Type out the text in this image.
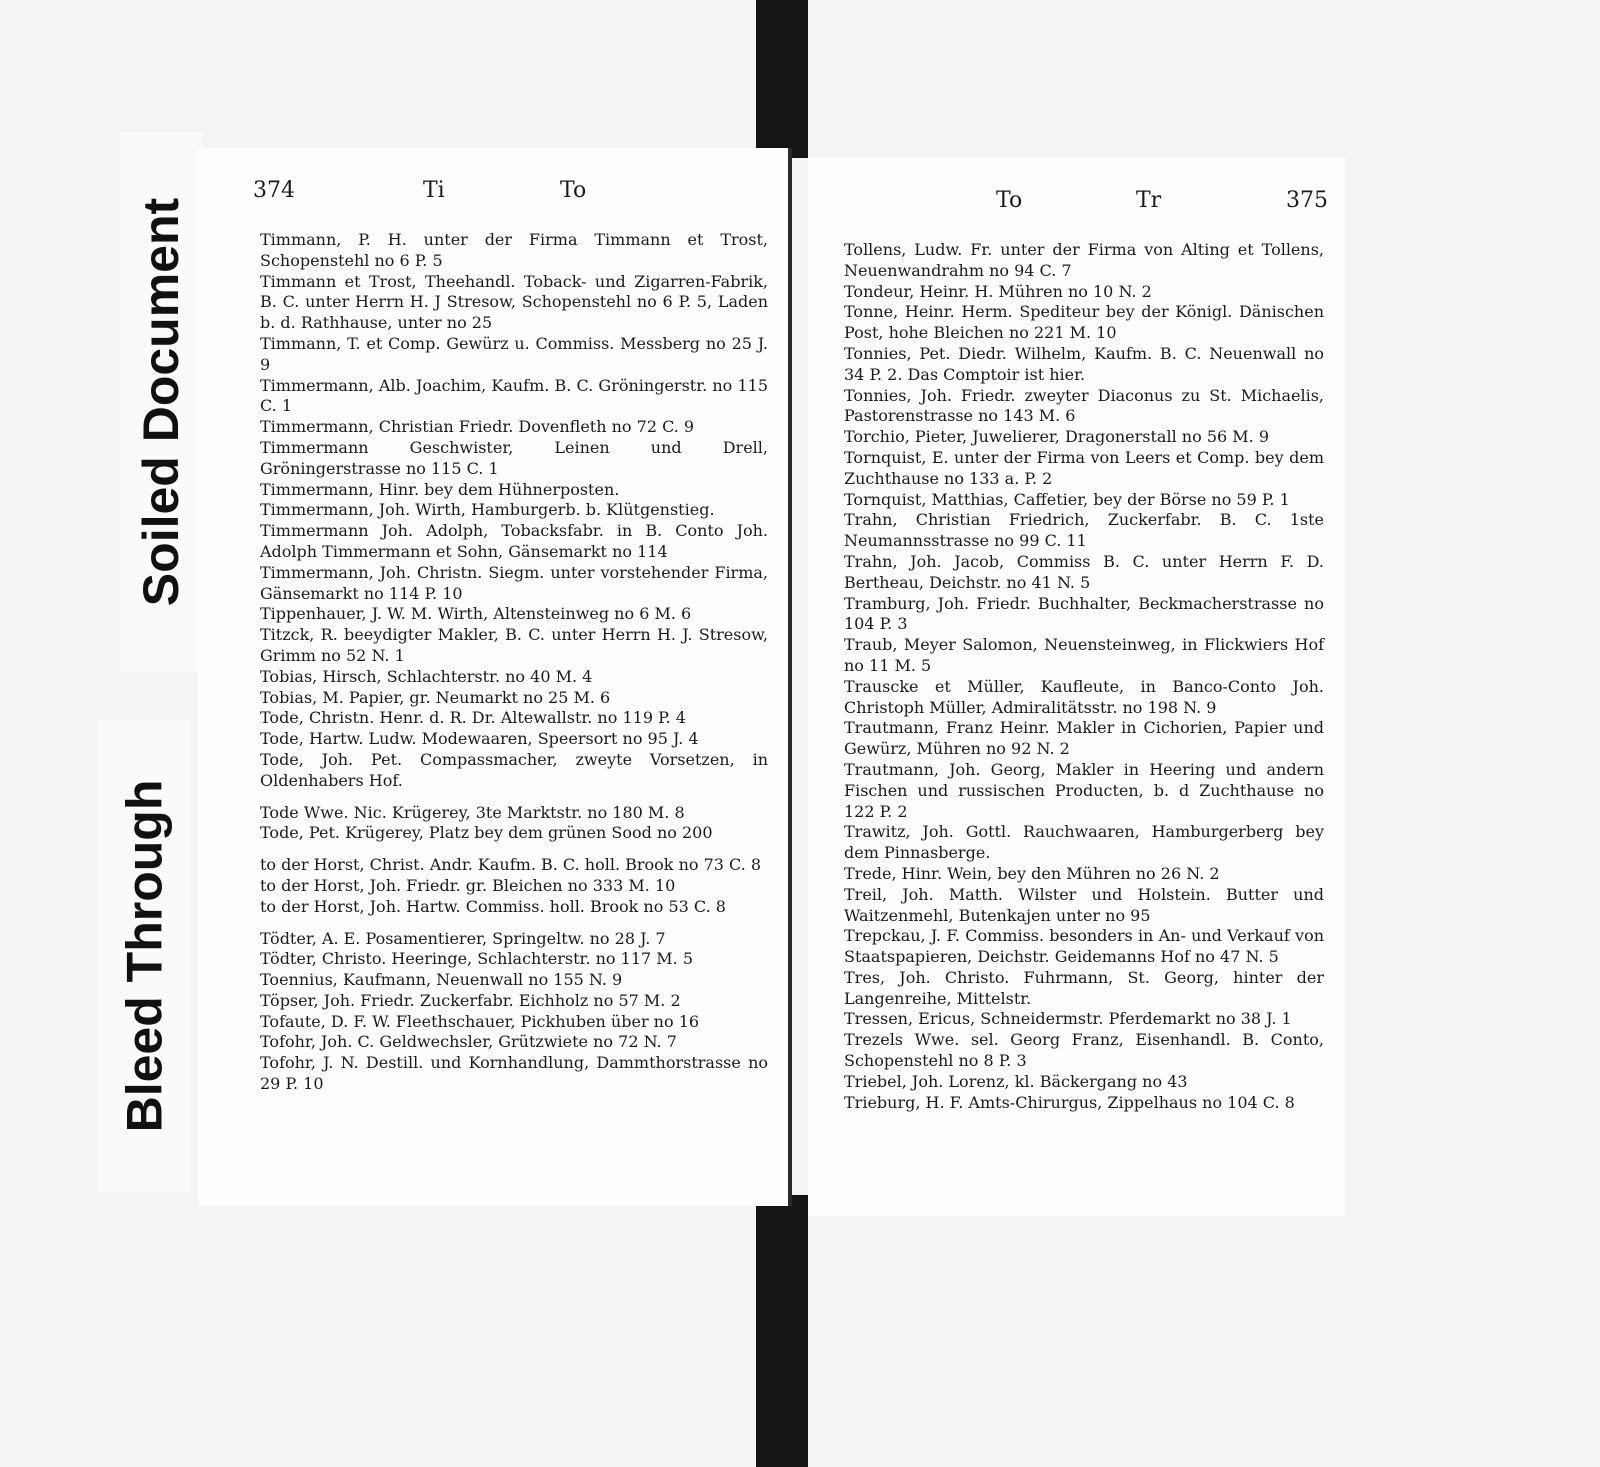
Soiled Document
Bleed Through
374	Ti	To

Timmann, P. H. unter der Firma Timmann et Trost, Schopenstehl no 6 P. 5

Timmann et Trost, Theehandl. Toback- und Zigarren-Fabrik, B. C. unter Herrn H. J Stresow, Schopenstehl no 6 P. 5, Laden b. d. Rathhause, unter no 25

Timmann, T. et Comp. Gewürz u. Commiss. Messberg no 25 J. 9

Timmermann, Alb. Joachim, Kaufm. B. C. Gröningerstr. no 115 C. 1

Timmermann, Christian Friedr. Dovenfleth no 72 C. 9

Timmermann Geschwister, Leinen und Drell, Gröningerstrasse no 115 C. 1

Timmermann, Hinr. bey dem Hühnerposten.

Timmermann, Joh. Wirth, Hamburgerb. b. Klütgenstieg.

Timmermann Joh. Adolph, Tobacksfabr. in B. Conto Joh. Adolph Timmermann et Sohn, Gänsemarkt no 114

Timmermann, Joh. Christn. Siegm. unter vorstehender Firma, Gänsemarkt no 114 P. 10

Tippenhauer, J. W. M. Wirth, Altensteinweg no 6 M. 6

Titzck, R. beeydigter Makler, B. C. unter Herrn H. J. Stresow, Grimm no 52 N. 1

Tobias, Hirsch, Schlachterstr. no 40 M. 4

Tobias, M. Papier, gr. Neumarkt no 25 M. 6

Tode, Christn. Henr. d. R. Dr. Altewallstr. no 119 P. 4

Tode, Hartw. Ludw. Modewaaren, Speersort no 95 J. 4

Tode, Joh. Pet. Compassmacher, zweyte Vorsetzen, in Oldenhabers Hof.

Tode Wwe. Nic. Krügerey, 3te Marktstr. no 180 M. 8

Tode, Pet. Krügerey, Platz bey dem grünen Sood no 200

to der Horst, Christ. Andr. Kaufm. B. C. holl. Brook no 73 C. 8

to der Horst, Joh. Friedr. gr. Bleichen no 333 M. 10

to der Horst, Joh. Hartw. Commiss. holl. Brook no 53 C. 8

Tödter, A. E. Posamentierer, Springeltw. no 28 J. 7

Tödter, Christo. Heeringe, Schlachterstr. no 117 M. 5

Toennius, Kaufmann, Neuenwall no 155 N. 9

Töpser, Joh. Friedr. Zuckerfabr. Eichholz no 57 M. 2

Tofaute, D. F. W. Fleethschauer, Pickhuben über no 16

Tofohr, Joh. C. Geldwechsler, Grützwiete no 72 N. 7

Tofohr, J. N. Destill. und Kornhandlung, Dammthorstrasse no 29 P. 10

To	Tr	375

Tollens, Ludw. Fr. unter der Firma von Alting et Tollens, Neuenwandrahm no 94 C. 7

Tondeur, Heinr. H. Mühren no 10 N. 2

Tonne, Heinr. Herm. Spediteur bey der Königl. Dänischen Post, hohe Bleichen no 221 M. 10

Tonnies, Pet. Diedr. Wilhelm, Kaufm. B. C. Neuenwall no 34 P. 2. Das Comptoir ist hier.

Tonnies, Joh. Friedr. zweyter Diaconus zu St. Michaelis, Pastorenstrasse no 143 M. 6

Torchio, Pieter, Juwelierer, Dragonerstall no 56 M. 9

Tornquist, E. unter der Firma von Leers et Comp. bey dem Zuchthause no 133 a. P. 2

Tornquist, Matthias, Caffetier, bey der Börse no 59 P. 1

Trahn, Christian Friedrich, Zuckerfabr. B. C. 1ste Neumannsstrasse no 99 C. 11

Trahn, Joh. Jacob, Commiss B. C. unter Herrn F. D. Bertheau, Deichstr. no 41 N. 5

Tramburg, Joh. Friedr. Buchhalter, Beckmacherstrasse no 104 P. 3

Traub, Meyer Salomon, Neuensteinweg, in Flickwiers Hof no 11 M. 5

Trauscke et Müller, Kaufleute, in Banco-Conto Joh. Christoph Müller, Admiralitätsstr. no 198 N. 9

Trautmann, Franz Heinr. Makler in Cichorien, Papier und Gewürz, Mühren no 92 N. 2

Trautmann, Joh. Georg, Makler in Heering und andern Fischen und russischen Producten, b. d Zuchthause no 122 P. 2

Trawitz, Joh. Gottl. Rauchwaaren, Hamburgerberg bey dem Pinnasberge.

Trede, Hinr. Wein, bey den Mühren no 26 N. 2

Treil, Joh. Matth. Wilster und Holstein. Butter und Waitzenmehl, Butenkajen unter no 95

Trepckau, J. F. Commiss. besonders in An- und Verkauf von Staatspapieren, Deichstr. Geidemanns Hof no 47 N. 5

Tres, Joh. Christo. Fuhrmann, St. Georg, hinter der Langenreihe, Mittelstr.

Tressen, Ericus, Schneidermstr. Pferdemarkt no 38 J. 1

Trezels Wwe. sel. Georg Franz, Eisenhandl. B. Conto, Schopenstehl no 8 P. 3

Triebel, Joh. Lorenz, kl. Bäckergang no 43

Trieburg, H. F. Amts-Chirurgus, Zippelhaus no 104 C. 8
